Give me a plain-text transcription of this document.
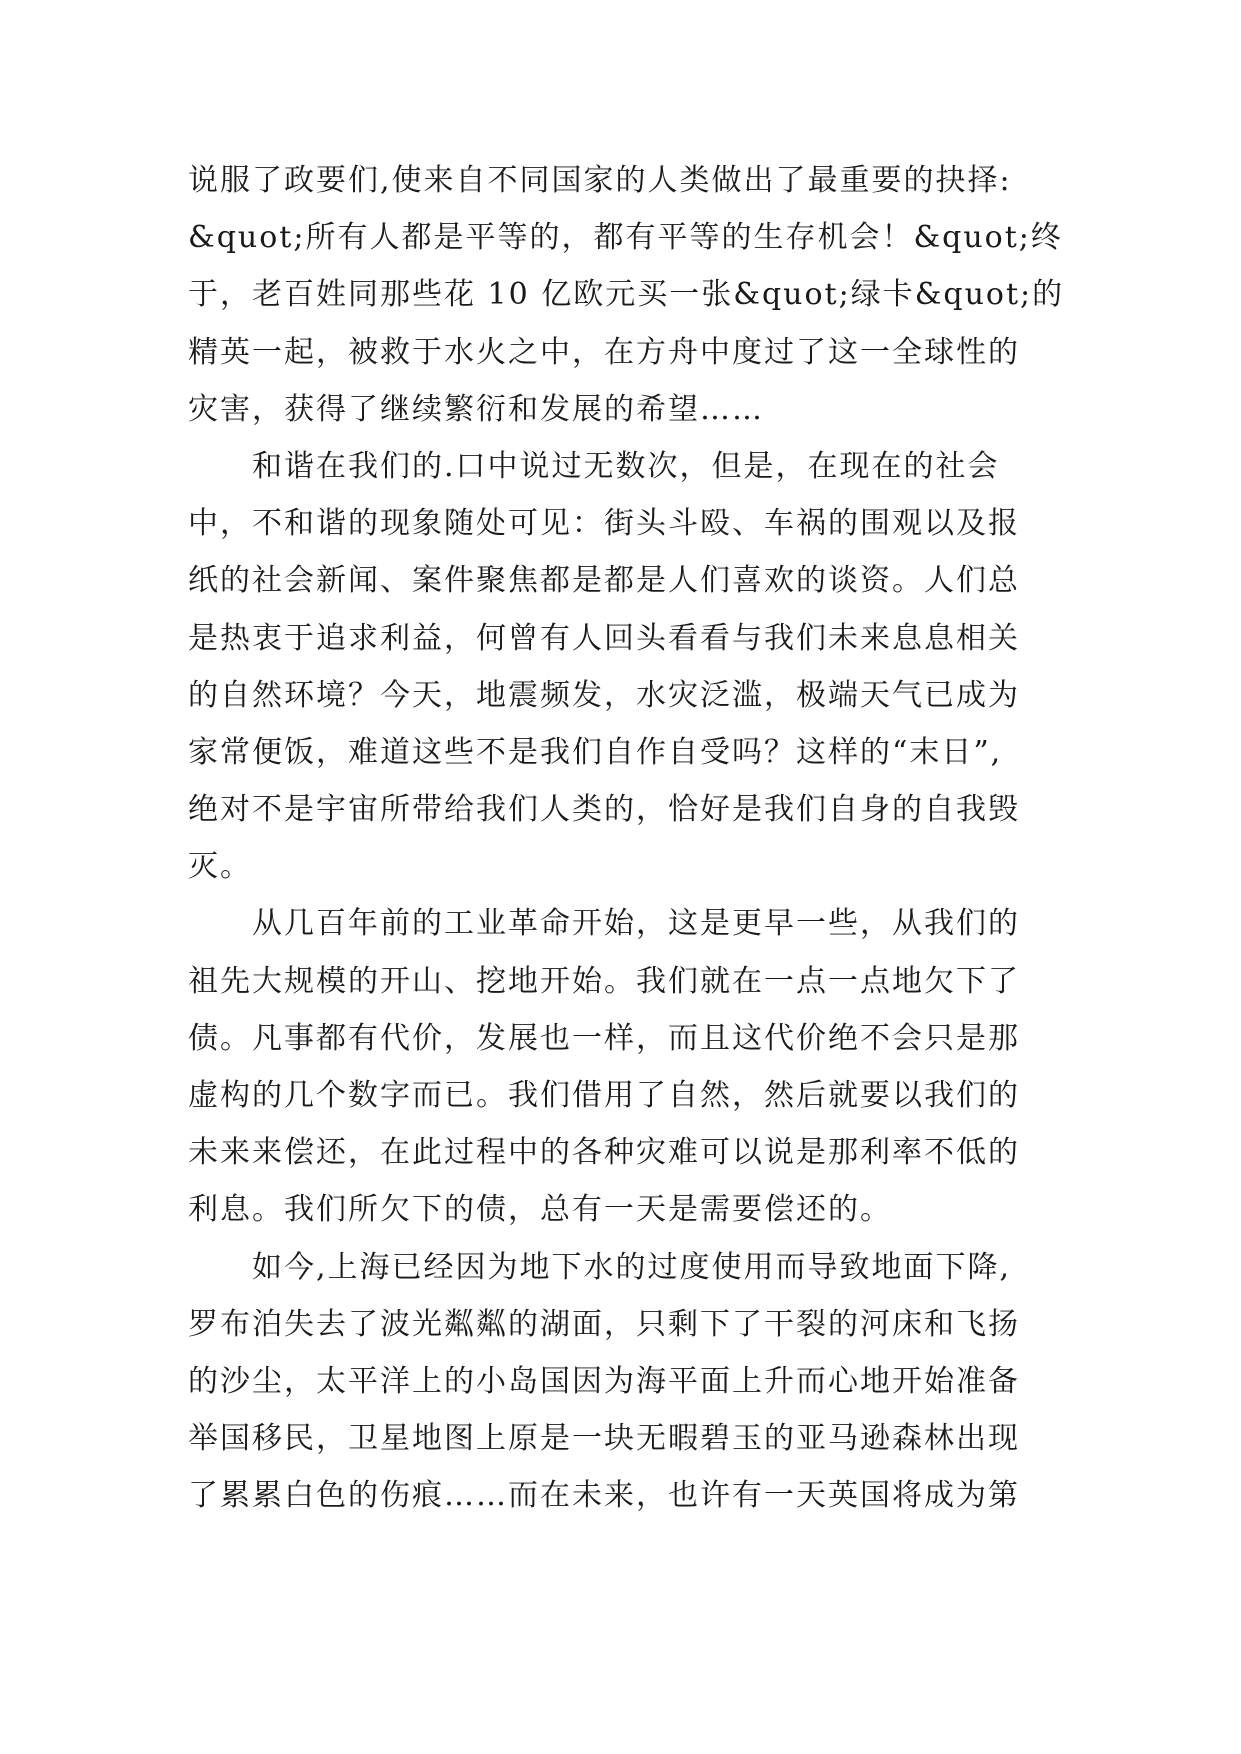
说服了政要们,使来自不同国家的人类做出了最重要的抉择:
&quot;所有人都是平等的，都有平等的生存机会！&quot;终
于，老百姓同那些花 10 亿欧元买一张&quot;绿卡&quot;的
精英一起，被救于水火之中，在方舟中度过了这一全球性的
灾害，获得了继续繁衍和发展的希望……
和谐在我们的.口中说过无数次，但是，在现在的社会
中，不和谐的现象随处可见：街头斗殴、车祸的围观以及报
纸的社会新闻、案件聚焦都是都是人们喜欢的谈资。人们总
是热衷于追求利益，何曾有人回头看看与我们未来息息相关
的自然环境？今天，地震频发，水灾泛滥，极端天气已成为
家常便饭，难道这些不是我们自作自受吗？这样的“末日”,
绝对不是宇宙所带给我们人类的，恰好是我们自身的自我毁
灭。
从几百年前的工业革命开始，这是更早一些，从我们的
祖先大规模的开山、挖地开始。我们就在一点一点地欠下了
债。凡事都有代价，发展也一样，而且这代价绝不会只是那
虚构的几个数字而已。我们借用了自然，然后就要以我们的
未来来偿还，在此过程中的各种灾难可以说是那利率不低的
利息。我们所欠下的债，总有一天是需要偿还的。
如今,上海已经因为地下水的过度使用而导致地面下降,
罗布泊失去了波光粼粼的湖面，只剩下了干裂的河床和飞扬
的沙尘，太平洋上的小岛国因为海平面上升而心地开始准备
举国移民，卫星地图上原是一块无暇碧玉的亚马逊森林出现
了累累白色的伤痕……而在未来，也许有一天英国将成为第
